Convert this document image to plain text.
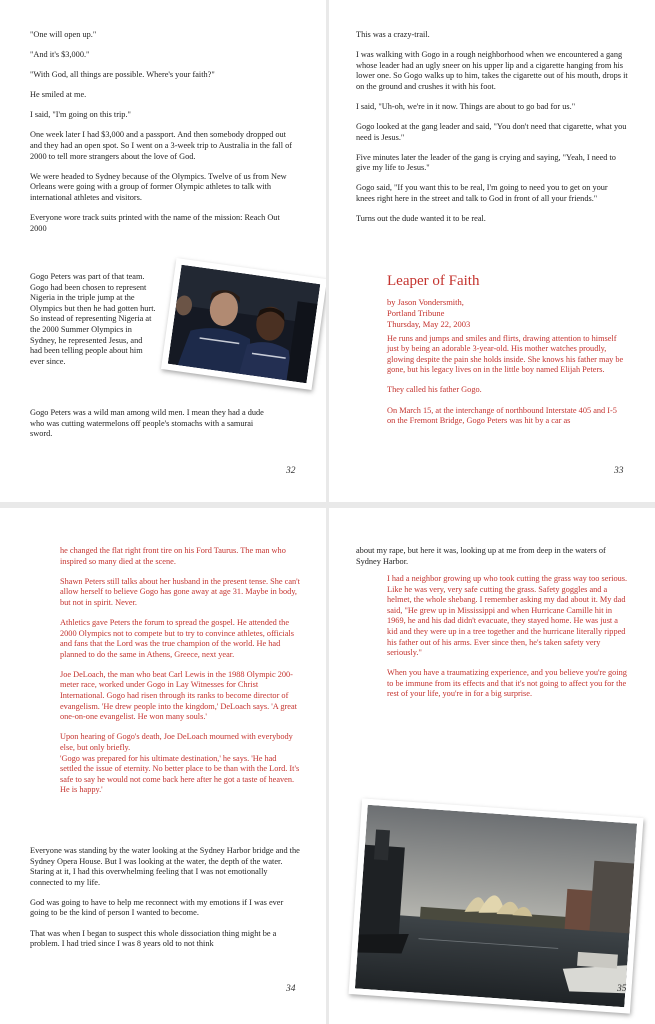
"One will open up."

"And it's $3,000."

"With God, all things are possible. Where's your faith?"

He smiled at me.

I said, "I'm going on this trip."

One week later I had $3,000 and a passport. And then somebody dropped out and they had an open spot. So I went on a 3-week trip to Australia in the fall of 2000 to tell more strangers about the love of God.

We were headed to Sydney because of the Olympics. Twelve of us from New Orleans were going with a group of former Olympic athletes to talk with international athletes and visitors.

Everyone wore track suits printed with the name of the mission: Reach Out 2000

Gogo Peters was part of that team. Gogo had been chosen to represent Nigeria in the triple jump at the Olympics but then he had gotten hurt. So instead of representing Nigeria at the 2000 Summer Olympics in Sydney, he represented Jesus, and had been telling people about him ever since.

Gogo Peters was a wild man among wild men. I mean they had a dude who was cutting watermelons off people's stomachs with a samurai sword.

32

This was a crazy-trail.

I was walking with Gogo in a rough neighborhood when we encountered a gang whose leader had an ugly sneer on his upper lip and a cigarette hanging from his lower one. So Gogo walks up to him, takes the cigarette out of his mouth, drops it on the ground and crushes it with his foot.

I said, "Uh-oh, we're in it now. Things are about to go bad for us."

Gogo looked at the gang leader and said, "You don't need that cigarette, what you need is Jesus."

Five minutes later the leader of the gang is crying and saying, "Yeah, I need to give my life to Jesus."

Gogo said, "If you want this to be real, I'm going to need you to get on your knees right here in the street and talk to God in front of all your friends."

Turns out the dude wanted it to be real.

Leaper of Faith
by Jason Vondersmith,
Portland Tribune
Thursday, May 22, 2003

He runs and jumps and smiles and flirts, drawing attention to himself just by being an adorable 3-year-old. His mother watches proudly, glowing despite the pain she holds inside. She knows his father may be gone, but his legacy lives on in the little boy named Elijah Peters.

They called his father Gogo.

On March 15, at the interchange of northbound Interstate 405 and I-5 on the Fremont Bridge, Gogo Peters was hit by a car as

33

he changed the flat right front tire on his Ford Taurus. The man who inspired so many died at the scene.

Shawn Peters still talks about her husband in the present tense. She can't allow herself to believe Gogo has gone away at age 31. Maybe in body, but not in spirit. Never.

Athletics gave Peters the forum to spread the gospel. He attended the 2000 Olympics not to compete but to try to convince athletes, officials and fans that the Lord was the true champion of the world. He had planned to do the same in Athens, Greece, next year.

Joe DeLoach, the man who beat Carl Lewis in the 1988 Olympic 200-meter race, worked under Gogo in Lay Witnesses for Christ International. Gogo had risen through its ranks to become director of evangelism. 'He drew people into the kingdom,' DeLoach says. 'A great one-on-one evangelist. He won many souls.'

Upon hearing of Gogo's death, Joe DeLoach mourned with everybody else, but only briefly.
'Gogo was prepared for his ultimate destination,' he says. 'He had settled the issue of eternity. No better place to be than with the Lord. It's safe to say he would not come back here after he got a taste of heaven. He is happy.'

Everyone was standing by the water looking at the Sydney Harbor bridge and the Sydney Opera House. But I was looking at the water, the depth of the water. Staring at it, I had this overwhelming feeling that I was not emotionally connected to my life.

God was going to have to help me reconnect with my emotions if I was ever going to be the kind of person I wanted to become.

That was when I began to suspect this whole dissociation thing might be a problem. I had tried since I was 8 years old to not think

34

about my rape, but here it was, looking up at me from deep in the waters of Sydney Harbor.

I had a neighbor growing up who took cutting the grass way too serious. Like he was very, very safe cutting the grass. Safety goggles and a helmet, the whole shebang. I remember asking my dad about it. My dad said, "He grew up in Mississippi and when Hurricane Camille hit in 1969, he and his dad didn't evacuate, they stayed home. He was just a kid and they were up in a tree together and the hurricane literally ripped his father out of his arms. Ever since then, he's taken safety very seriously."

When you have a traumatizing experience, and you believe you're going to be immune from its effects and that it's not going to affect you for the rest of your life, you're in for a big surprise.

35
